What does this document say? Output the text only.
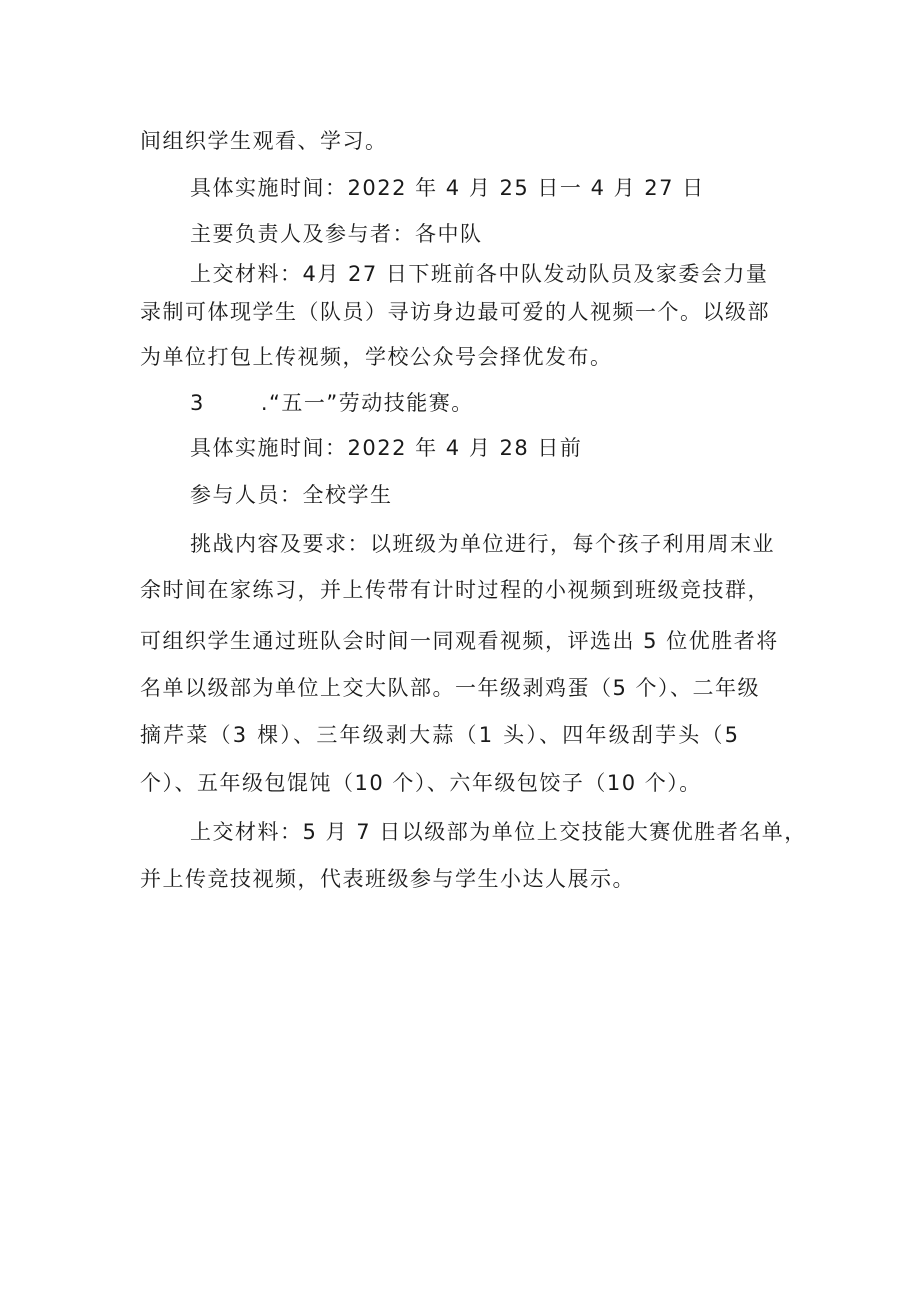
间组织学生观看、学习。
具体实施时间：2022 年 4 月 25 日一 4 月 27 日
主要负责人及参与者：各中队
上交材料：4月 27 日下班前各中队发动队员及家委会力量
录制可体现学生（队员）寻访身边最可爱的人视频一个。以级部
为单位打包上传视频，学校公众号会择优发布。
3	.“五一”劳动技能赛。
具体实施时间：2022 年 4 月 28 日前
参与人员：全校学生
挑战内容及要求：以班级为单位进行，每个孩子利用周末业
余时间在家练习，并上传带有计时过程的小视频到班级竞技群，
可组织学生通过班队会时间一同观看视频，评选出 5 位优胜者将
名单以级部为单位上交大队部。一年级剥鸡蛋（5 个）、二年级
摘芹菜（3 棵）、三年级剥大蒜（1 头）、四年级刮芋头（5
个）、五年级包馄饨（10 个）、六年级包饺子（10 个）。
上交材料：5 月 7 日以级部为单位上交技能大赛优胜者名单，
并上传竞技视频，代表班级参与学生小达人展示。
